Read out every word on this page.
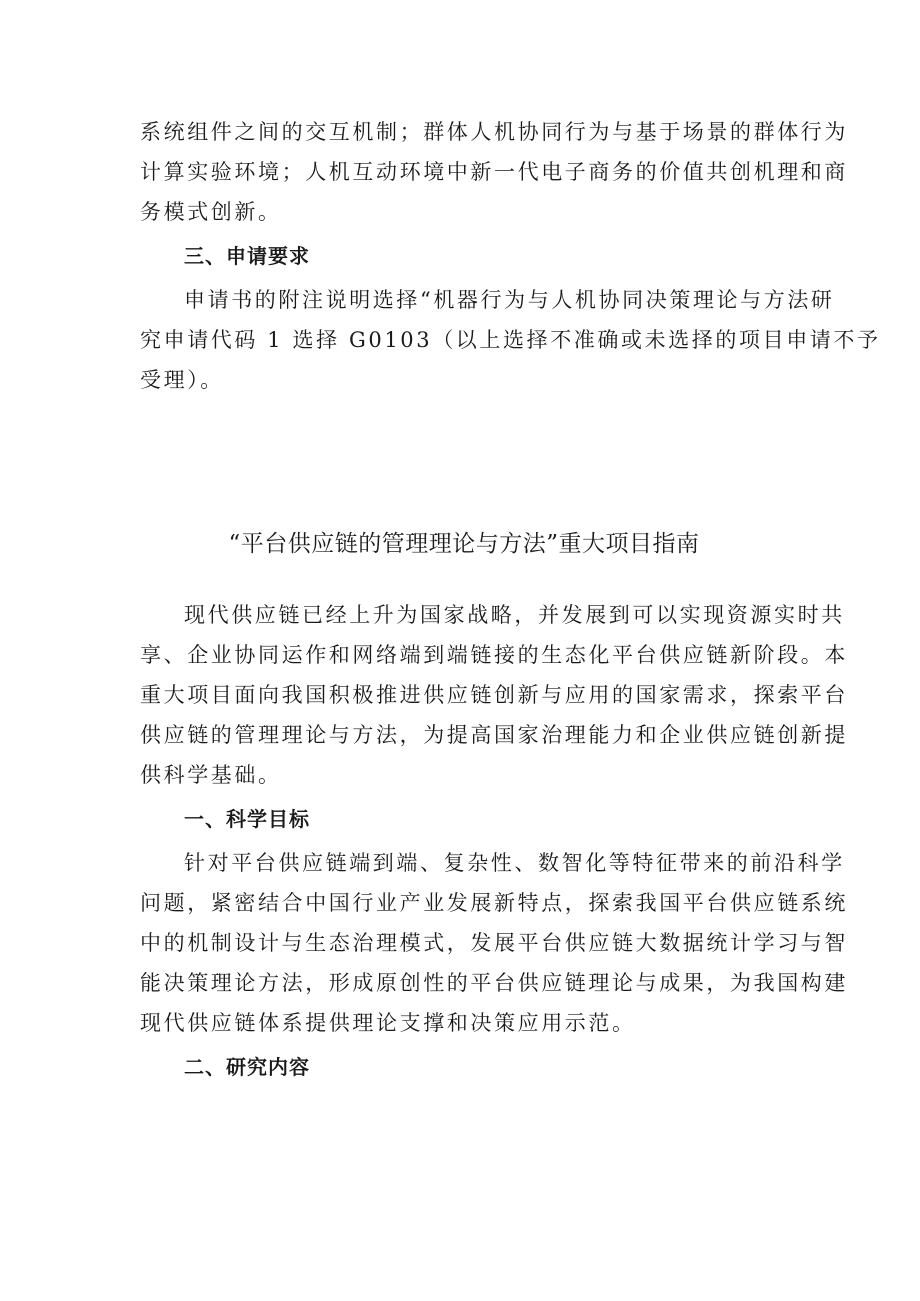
系统组件之间的交互机制；群体人机协同行为与基于场景的群体行为
计算实验环境；人机互动环境中新一代电子商务的价值共创机理和商
务模式创新。
三、申请要求
申请书的附注说明选择“机器行为与人机协同决策理论与方法研
究申请代码 1 选择 G0103（以上选择不准确或未选择的项目申请不予
受理）。
“平台供应链的管理理论与方法”重大项目指南
现代供应链已经上升为国家战略，并发展到可以实现资源实时共
享、企业协同运作和网络端到端链接的生态化平台供应链新阶段。本
重大项目面向我国积极推进供应链创新与应用的国家需求，探索平台
供应链的管理理论与方法，为提高国家治理能力和企业供应链创新提
供科学基础。
一、科学目标
针对平台供应链端到端、复杂性、数智化等特征带来的前沿科学
问题，紧密结合中国行业产业发展新特点，探索我国平台供应链系统
中的机制设计与生态治理模式，发展平台供应链大数据统计学习与智
能决策理论方法，形成原创性的平台供应链理论与成果，为我国构建
现代供应链体系提供理论支撑和决策应用示范。
二、研究内容
